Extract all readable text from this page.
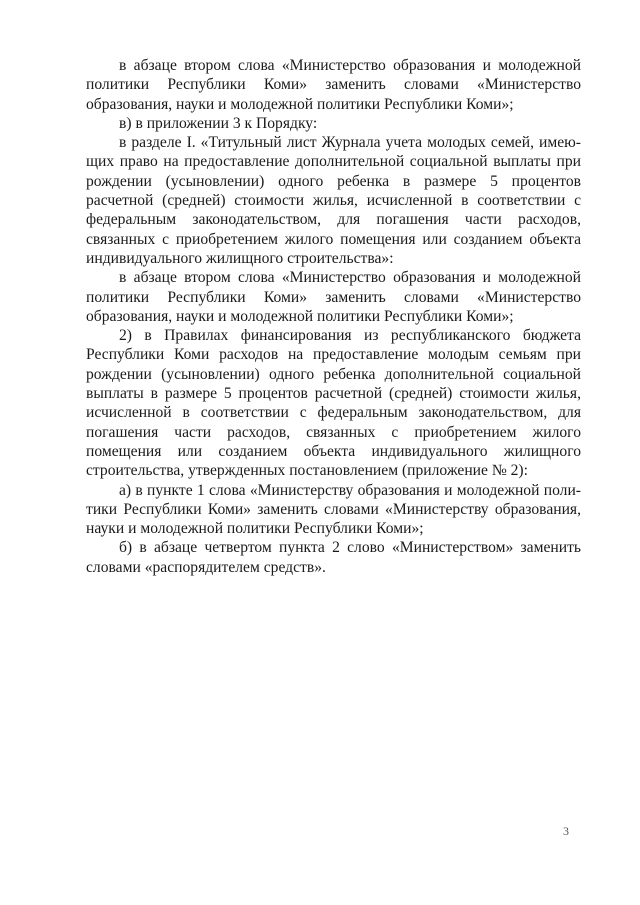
в абзаце втором слова «Министерство образования и молодежной политики Республики Коми» заменить словами «Министерство образования, науки и молодежной политики Республики Коми»;

в) в приложении 3 к Порядку:

в разделе I. «Титульный лист Журнала учета молодых семей, имеющих право на предоставление дополнительной социальной выплаты при рождении (усыновлении) одного ребенка в размере 5 процентов расчетной (средней) стоимости жилья, исчисленной в соответствии с федеральным законодательством, для погашения части расходов, связанных с приобретением жилого помещения или созданием объекта индивидуального жилищного строительства»:

в абзаце втором слова «Министерство образования и молодежной политики Республики Коми» заменить словами «Министерство образования, науки и молодежной политики Республики Коми»;

2) в Правилах финансирования из республиканского бюджета Республики Коми расходов на предоставление молодым семьям при рождении (усыновлении) одного ребенка дополнительной социальной выплаты в размере 5 процентов расчетной (средней) стоимости жилья, исчисленной в соответствии с федеральным законодательством, для погашения части расходов, связанных с приобретением жилого помещения или созданием объекта индивидуального жилищного строительства, утвержденных постановлением (приложение № 2):

а) в пункте 1 слова «Министерству образования и молодежной политики Республики Коми» заменить словами «Министерству образования, науки и молодежной политики Республики Коми»;

б) в абзаце четвертом пункта 2 слово «Министерством» заменить словами «распорядителем средств».

3
